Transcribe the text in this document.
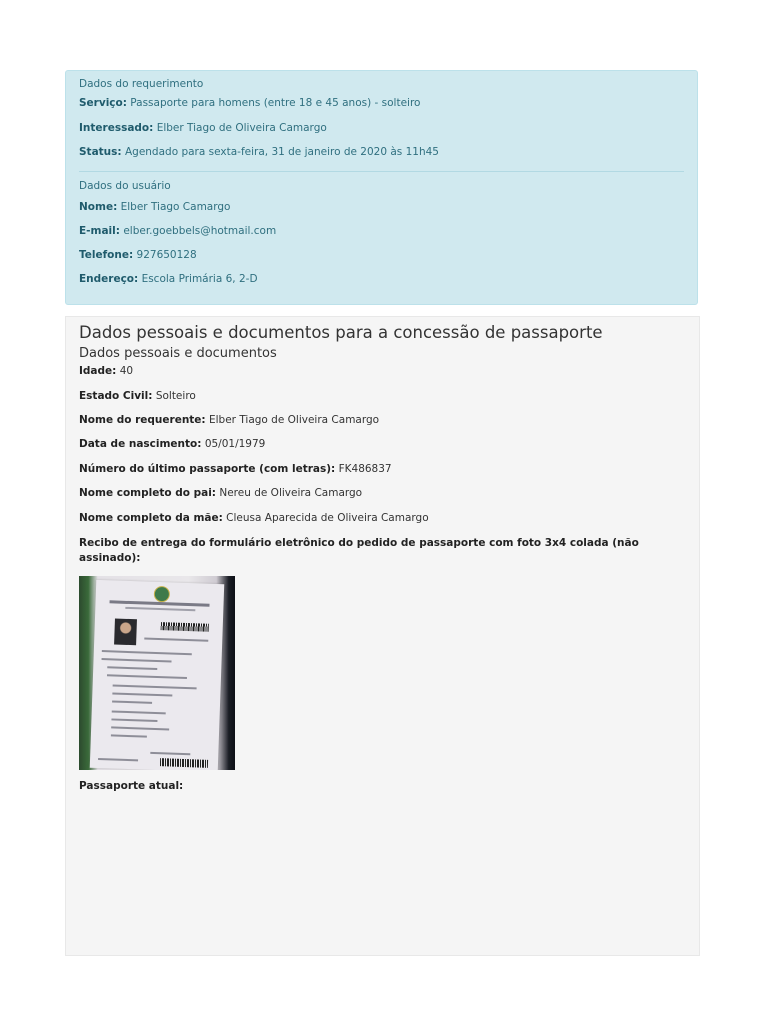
Dados do requerimento
Serviço: Passaporte para homens (entre 18 e 45 anos) - solteiro
Interessado: Elber Tiago de Oliveira Camargo
Status: Agendado para sexta-feira, 31 de janeiro de 2020 às 11h45
Dados do usuário
Nome: Elber Tiago Camargo
E-mail: elber.goebbels@hotmail.com
Telefone: 927650128
Endereço: Escola Primária 6, 2-D
Dados pessoais e documentos para a concessão de passaporte
Dados pessoais e documentos
Idade: 40
Estado Civil: Solteiro
Nome do requerente: Elber Tiago de Oliveira Camargo
Data de nascimento: 05/01/1979
Número do último passaporte (com letras): FK486837
Nome completo do pai: Nereu de Oliveira Camargo
Nome completo da mãe: Cleusa Aparecida de Oliveira Camargo
Recibo de entrega do formulário eletrônico do pedido de passaporte com foto 3x4 colada (não assinado):
Passaporte atual:
